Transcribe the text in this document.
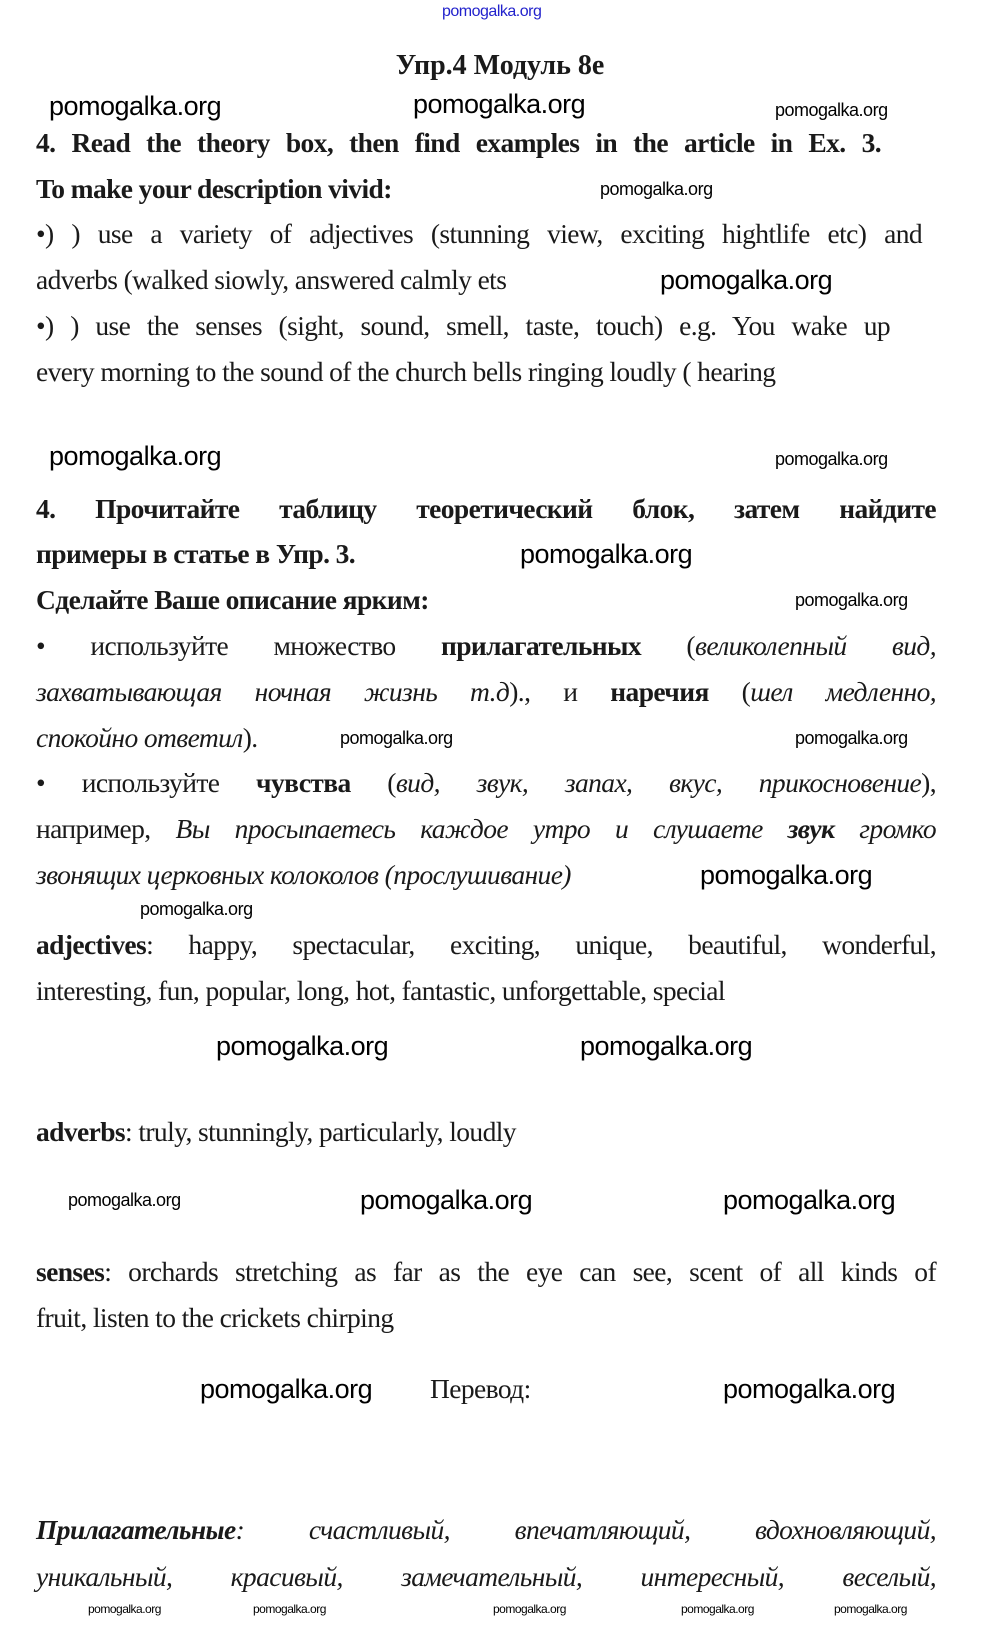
pomogalka.org
Упр.4 Модуль 8е
pomogalka.org	pomogalka.org	pomogalka.org
4. Read the theory box, then find examples in the article in Ex. 3.
To make your description vivid:	pomogalka.org
•) ) use a variety of adjectives (stunning view, exciting hightlife etc) and
adverbs (walked siowly, answered calmly ets	pomogalka.org
•) ) use the senses (sight, sound, smell, taste, touch) e.g. You wake up
every morning to the sound of the church bells ringing loudly ( hearing
pomogalka.org	pomogalka.org
4. Прочитайте таблицу теоретический блок, затем найдите
примеры в статье в Упр. 3.	pomogalka.org
Сделайте Ваше описание ярким:	pomogalka.org
• используйте множество прилагательных (великолепный вид,
захватывающая ночная жизнь т.д)., и наречия (шел медленно,
спокойно ответил).	pomogalka.org	pomogalka.org
• используйте чувства (вид, звук, запах, вкус, прикосновение),
например, Вы просыпаетесь каждое утро и слушаете звук громко
звонящих церковных колоколов (прослушивание)	pomogalka.org
pomogalka.org
adjectives: happy, spectacular, exciting, unique, beautiful, wonderful,
interesting, fun, popular, long, hot, fantastic, unforgettable, special
pomogalka.org	pomogalka.org
adverbs: truly, stunningly, particularly, loudly
pomogalka.org	pomogalka.org	pomogalka.org
senses: orchards stretching as far as the eye can see, scent of all kinds of
fruit, listen to the crickets chirping
pomogalka.org Перевод:	pomogalka.org
Прилагательные: счастливый, впечатляющий, вдохновляющий,
уникальный, красивый, замечательный, интересный, веселый,
pomogalka.org	pomogalka.org	pomogalka.org	pomogalka.org	pomogalka.org
